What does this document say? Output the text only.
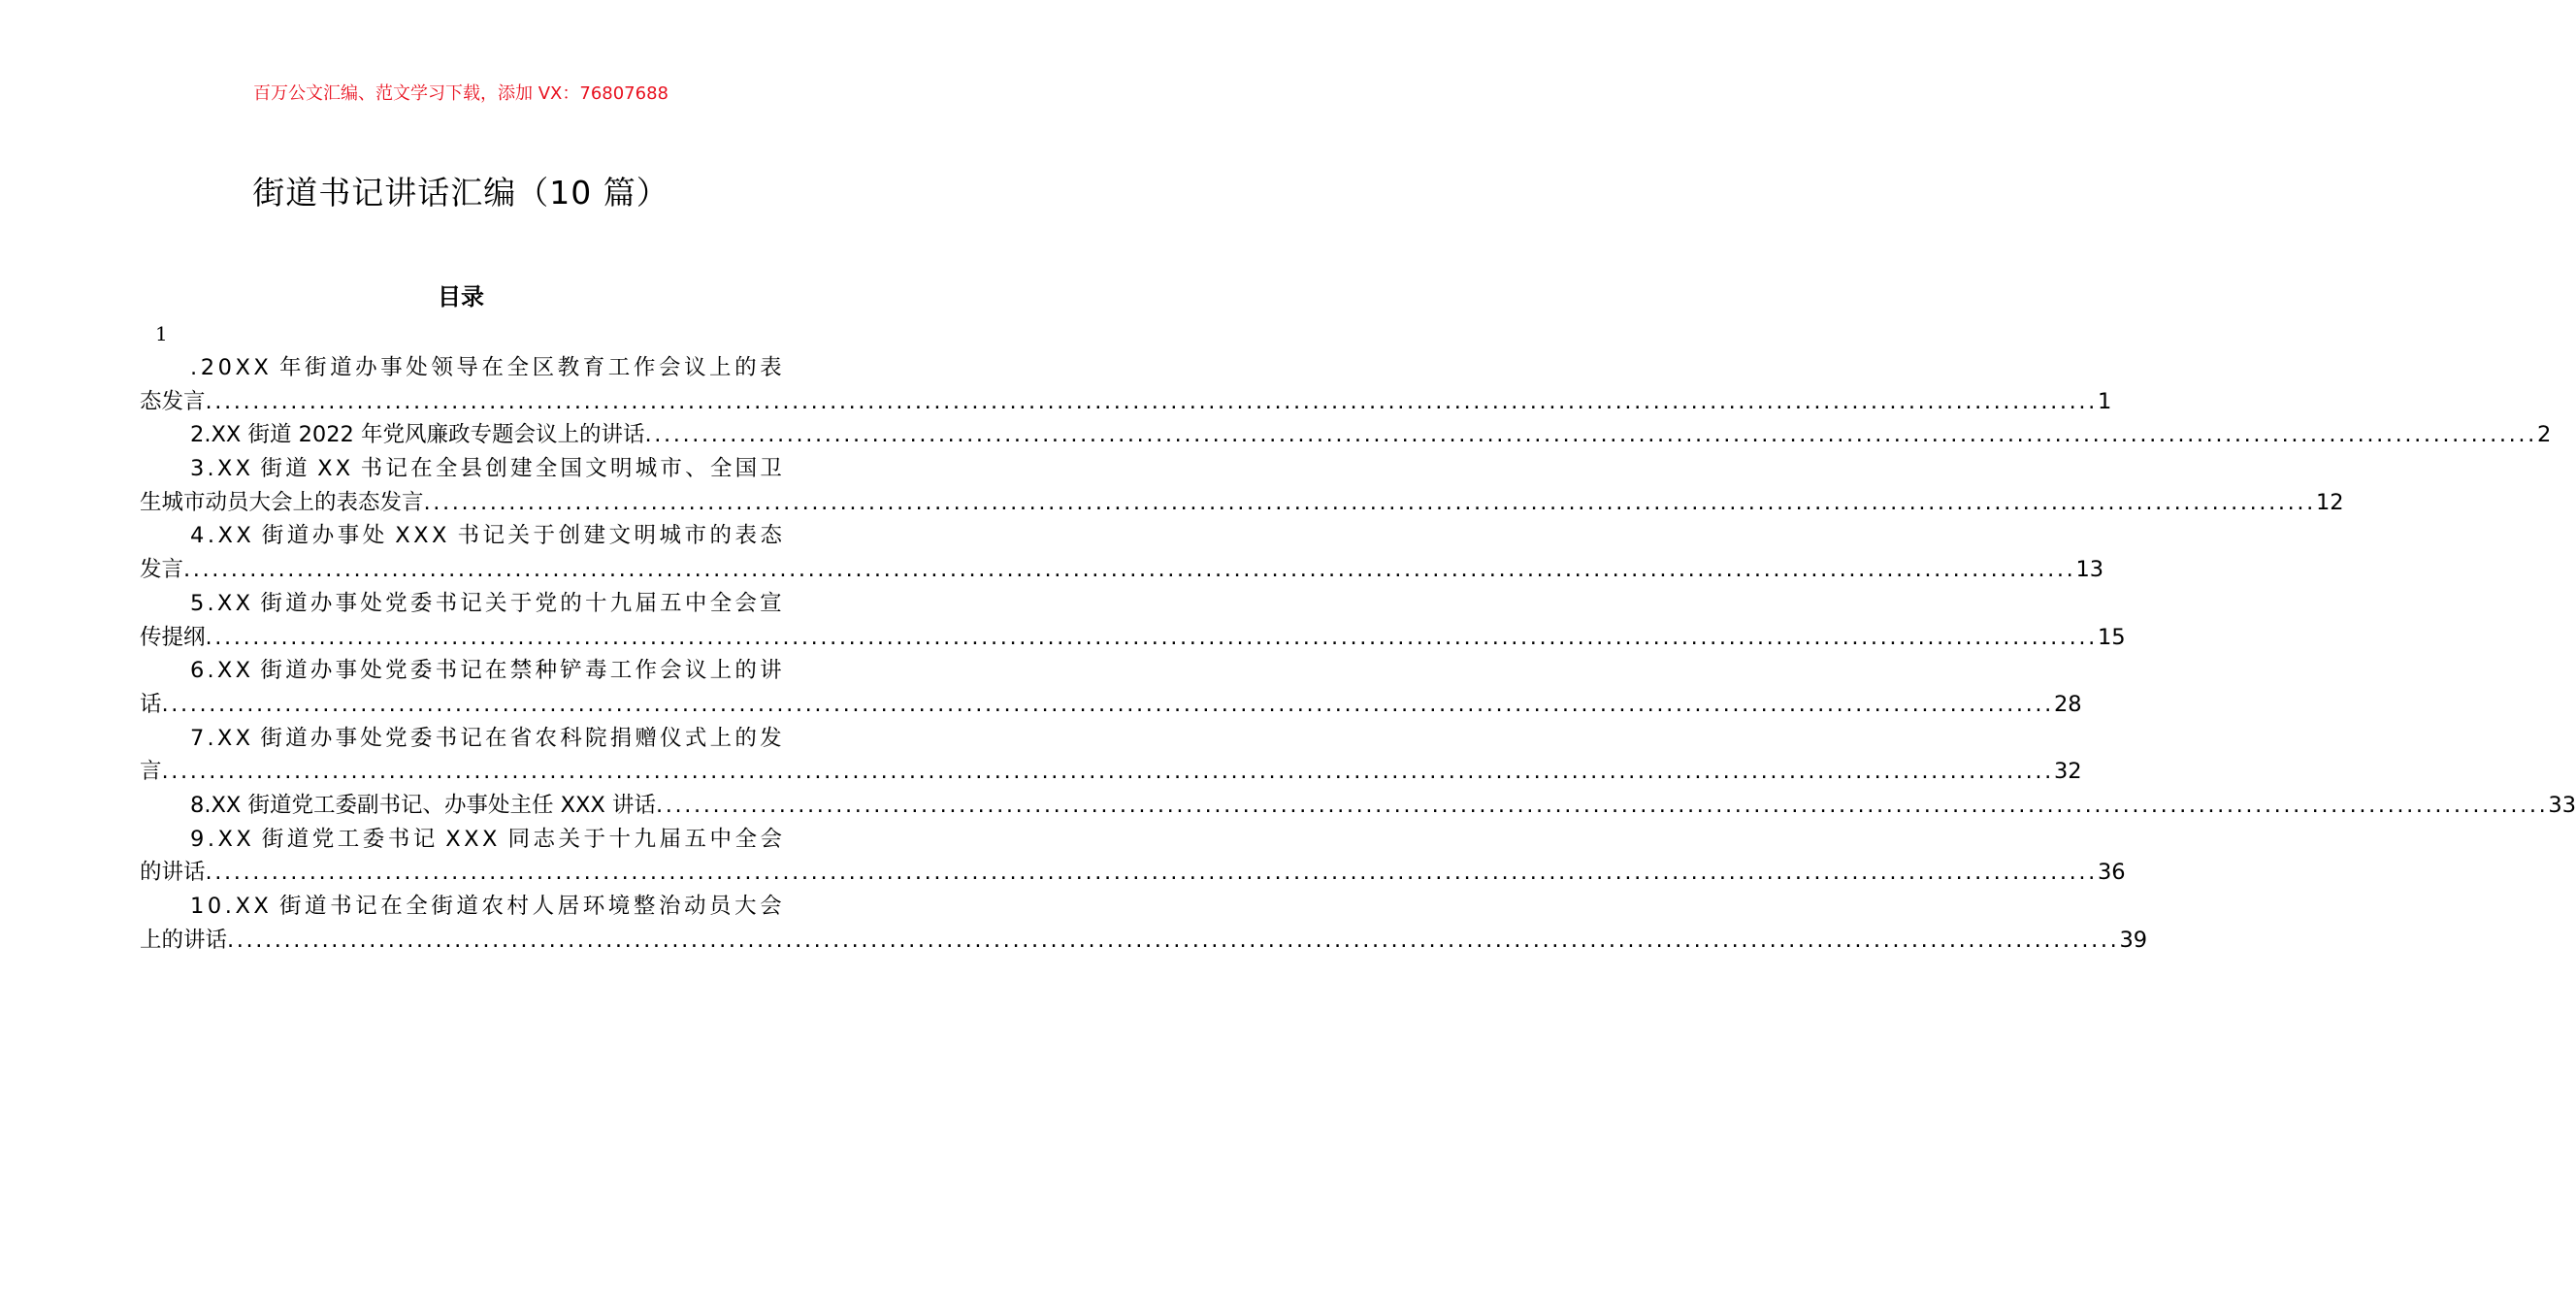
百万公文汇编、范文学习下载，添加 VX：76807688
街道书记讲话汇编（10 篇）
目录
1
. 2 0 X X
年 街 道 办 事 处 领 导 在 全 区 教 育 工 作 会 议 上 的 表
态发言 ........................................................................................................................................................................................................ 1
2.XX 街道 2022 年党风廉政专题会议上的讲话 ........................................................................................................................................................................................................ 2
3 . X X
街 道
X X
书 记 在 全 县 创 建 全 国 文 明 城 市 、 全 国 卫
生城市动员大会上的表态发言 ........................................................................................................................................................................................................ 12
4 . X X
街 道 办 事 处
X X X
书 记 关 于 创 建 文 明 城 市 的 表 态
发言 ........................................................................................................................................................................................................ 13
5 . X X
街 道 办 事 处 党 委 书 记 关 于 党 的 十 九 届 五 中 全 会 宣
传提纲 ........................................................................................................................................................................................................ 15
6 . X X
街 道 办 事 处 党 委 书 记 在 禁 种 铲 毒 工 作 会 议 上 的 讲
话 ........................................................................................................................................................................................................ 28
7 . X X
街 道 办 事 处 党 委 书 记 在 省 农 科 院 捐 赠 仪 式 上 的 发
言 ........................................................................................................................................................................................................ 32
8.XX 街道党工委副书记、办事处主任 XXX 讲话 ........................................................................................................................................................................................................ 33
9 . X X
街 道 党 工 委 书 记
X X X
同 志 关 于 十 九 届 五 中 全 会
的讲话 ........................................................................................................................................................................................................ 36
1 0 . X X
街 道 书 记 在 全 街 道 农 村 人 居 环 境 整 治 动 员 大 会
上的讲话 ........................................................................................................................................................................................................ 39
